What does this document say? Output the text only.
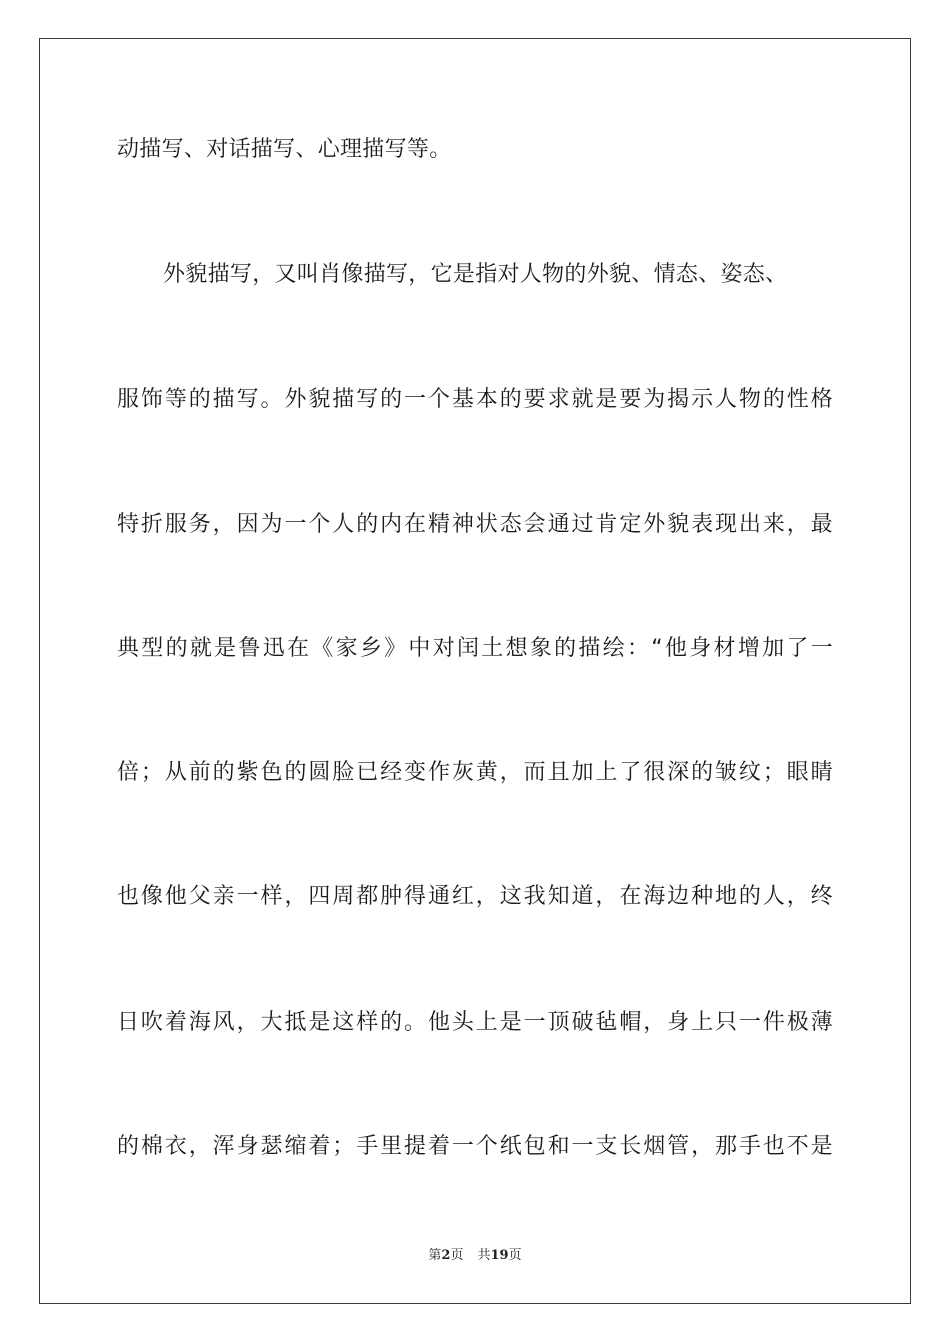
动描写、对话描写、心理描写等。
外貌描写，又叫肖像描写，它是指对人物的外貌、情态、姿态、
服饰等的描写。外貌描写的一个基本的要求就是要为揭示人物的性格
特折服务，因为一个人的内在精神状态会通过肯定外貌表现出来，最
典型的就是鲁迅在《家乡》中对闰土想象的描绘：“他身材增加了一
倍；从前的紫色的圆脸已经变作灰黄，而且加上了很深的皱纹；眼睛
也像他父亲一样，四周都肿得通红，这我知道，在海边种地的人，终
日吹着海风，大抵是这样的。他头上是一顶破毡帽，身上只一件极薄
的棉衣，浑身瑟缩着；手里提着一个纸包和一支长烟管，那手也不是
第2页 共19页
